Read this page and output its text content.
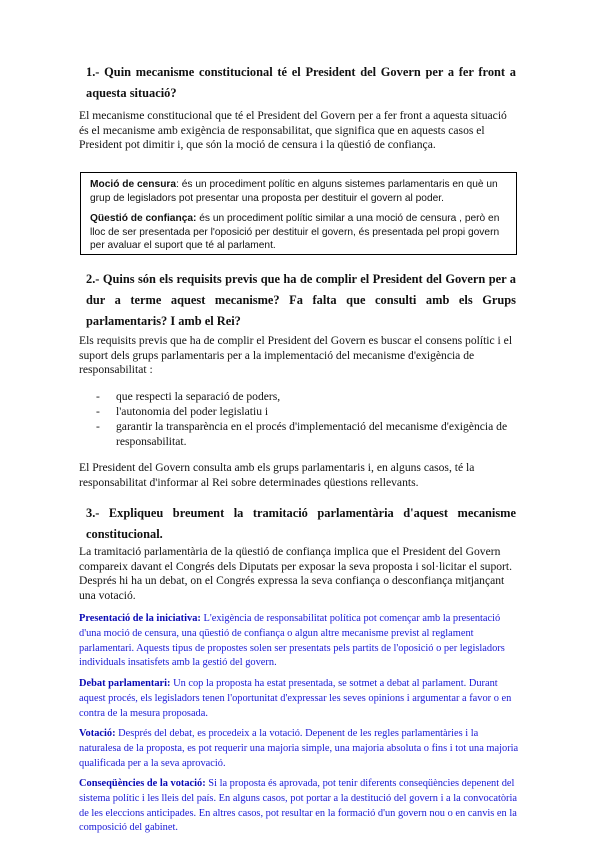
1.- Quin mecanisme constitucional té el President del Govern per a fer front a aquesta situació?
El mecanisme constitucional que té el President del Govern per a fer front a aquesta situació és el mecanisme amb exigència de responsabilitat, que significa que en aquests casos el President pot dimitir i, que són la moció de censura i la qüestió de confiança.

Moció de censura: és un procediment polític en alguns sistemes parlamentaris en què un grup de legisladors pot presentar una proposta per destituir el govern al poder.

Qüestió de confiança: és un procediment polític similar a una moció de censura , però en lloc de ser presentada per l'oposició per destituir el govern, és presentada pel propi govern per avaluar el suport que té al parlament.

2.- Quins són els requisits previs que ha de complir el President del Govern per a dur a terme aquest mecanisme? Fa falta que consulti amb els Grups parlamentaris? I amb el Rei?
Els requisits previs que ha de complir el President del Govern es buscar el consens polític i el suport dels grups parlamentaris per a la implementació del mecanisme d'exigència de responsabilitat :
- que respecti la separació de poders,
- l'autonomia del poder legislatiu i
- garantir la transparència en el procés d'implementació del mecanisme d'exigència de responsabilitat.
El President del Govern consulta amb els grups parlamentaris i, en alguns casos, té la responsabilitat d'informar al Rei sobre determinades qüestions rellevants.
3.- Expliqueu breument la tramitació parlamentària d'aquest mecanisme constitucional.
La tramitació parlamentària de la qüestió de confiança implica que el President del Govern compareix davant el Congrés dels Diputats per exposar la seva proposta i sol·licitar el suport. Després hi ha un debat, on el Congrés expressa la seva confiança o desconfiança mitjançant una votació.
Presentació de la iniciativa: L'exigència de responsabilitat política pot començar amb la presentació d'una moció de censura, una qüestió de confiança o algun altre mecanisme previst al reglament parlamentari. Aquests tipus de propostes solen ser presentats pels partits de l'oposició o per legisladors individuals insatisfets amb la gestió del govern.
Debat parlamentari: Un cop la proposta ha estat presentada, se sotmet a debat al parlament. Durant aquest procés, els legisladors tenen l'oportunitat d'expressar les seves opinions i argumentar a favor o en contra de la mesura proposada.
Votació: Després del debat, es procedeix a la votació. Depenent de les regles parlamentàries i la naturalesa de la proposta, es pot requerir una majoria simple, una majoria absoluta o fins i tot una majoria qualificada per a la seva aprovació.
Conseqüències de la votació: Si la proposta és aprovada, pot tenir diferents conseqüències depenent del sistema polític i les lleis del país. En alguns casos, pot portar a la destitució del govern i a la convocatòria de les eleccions anticipades. En altres casos, pot resultar en la formació d'un govern nou o en canvis en la composició del gabinet.
